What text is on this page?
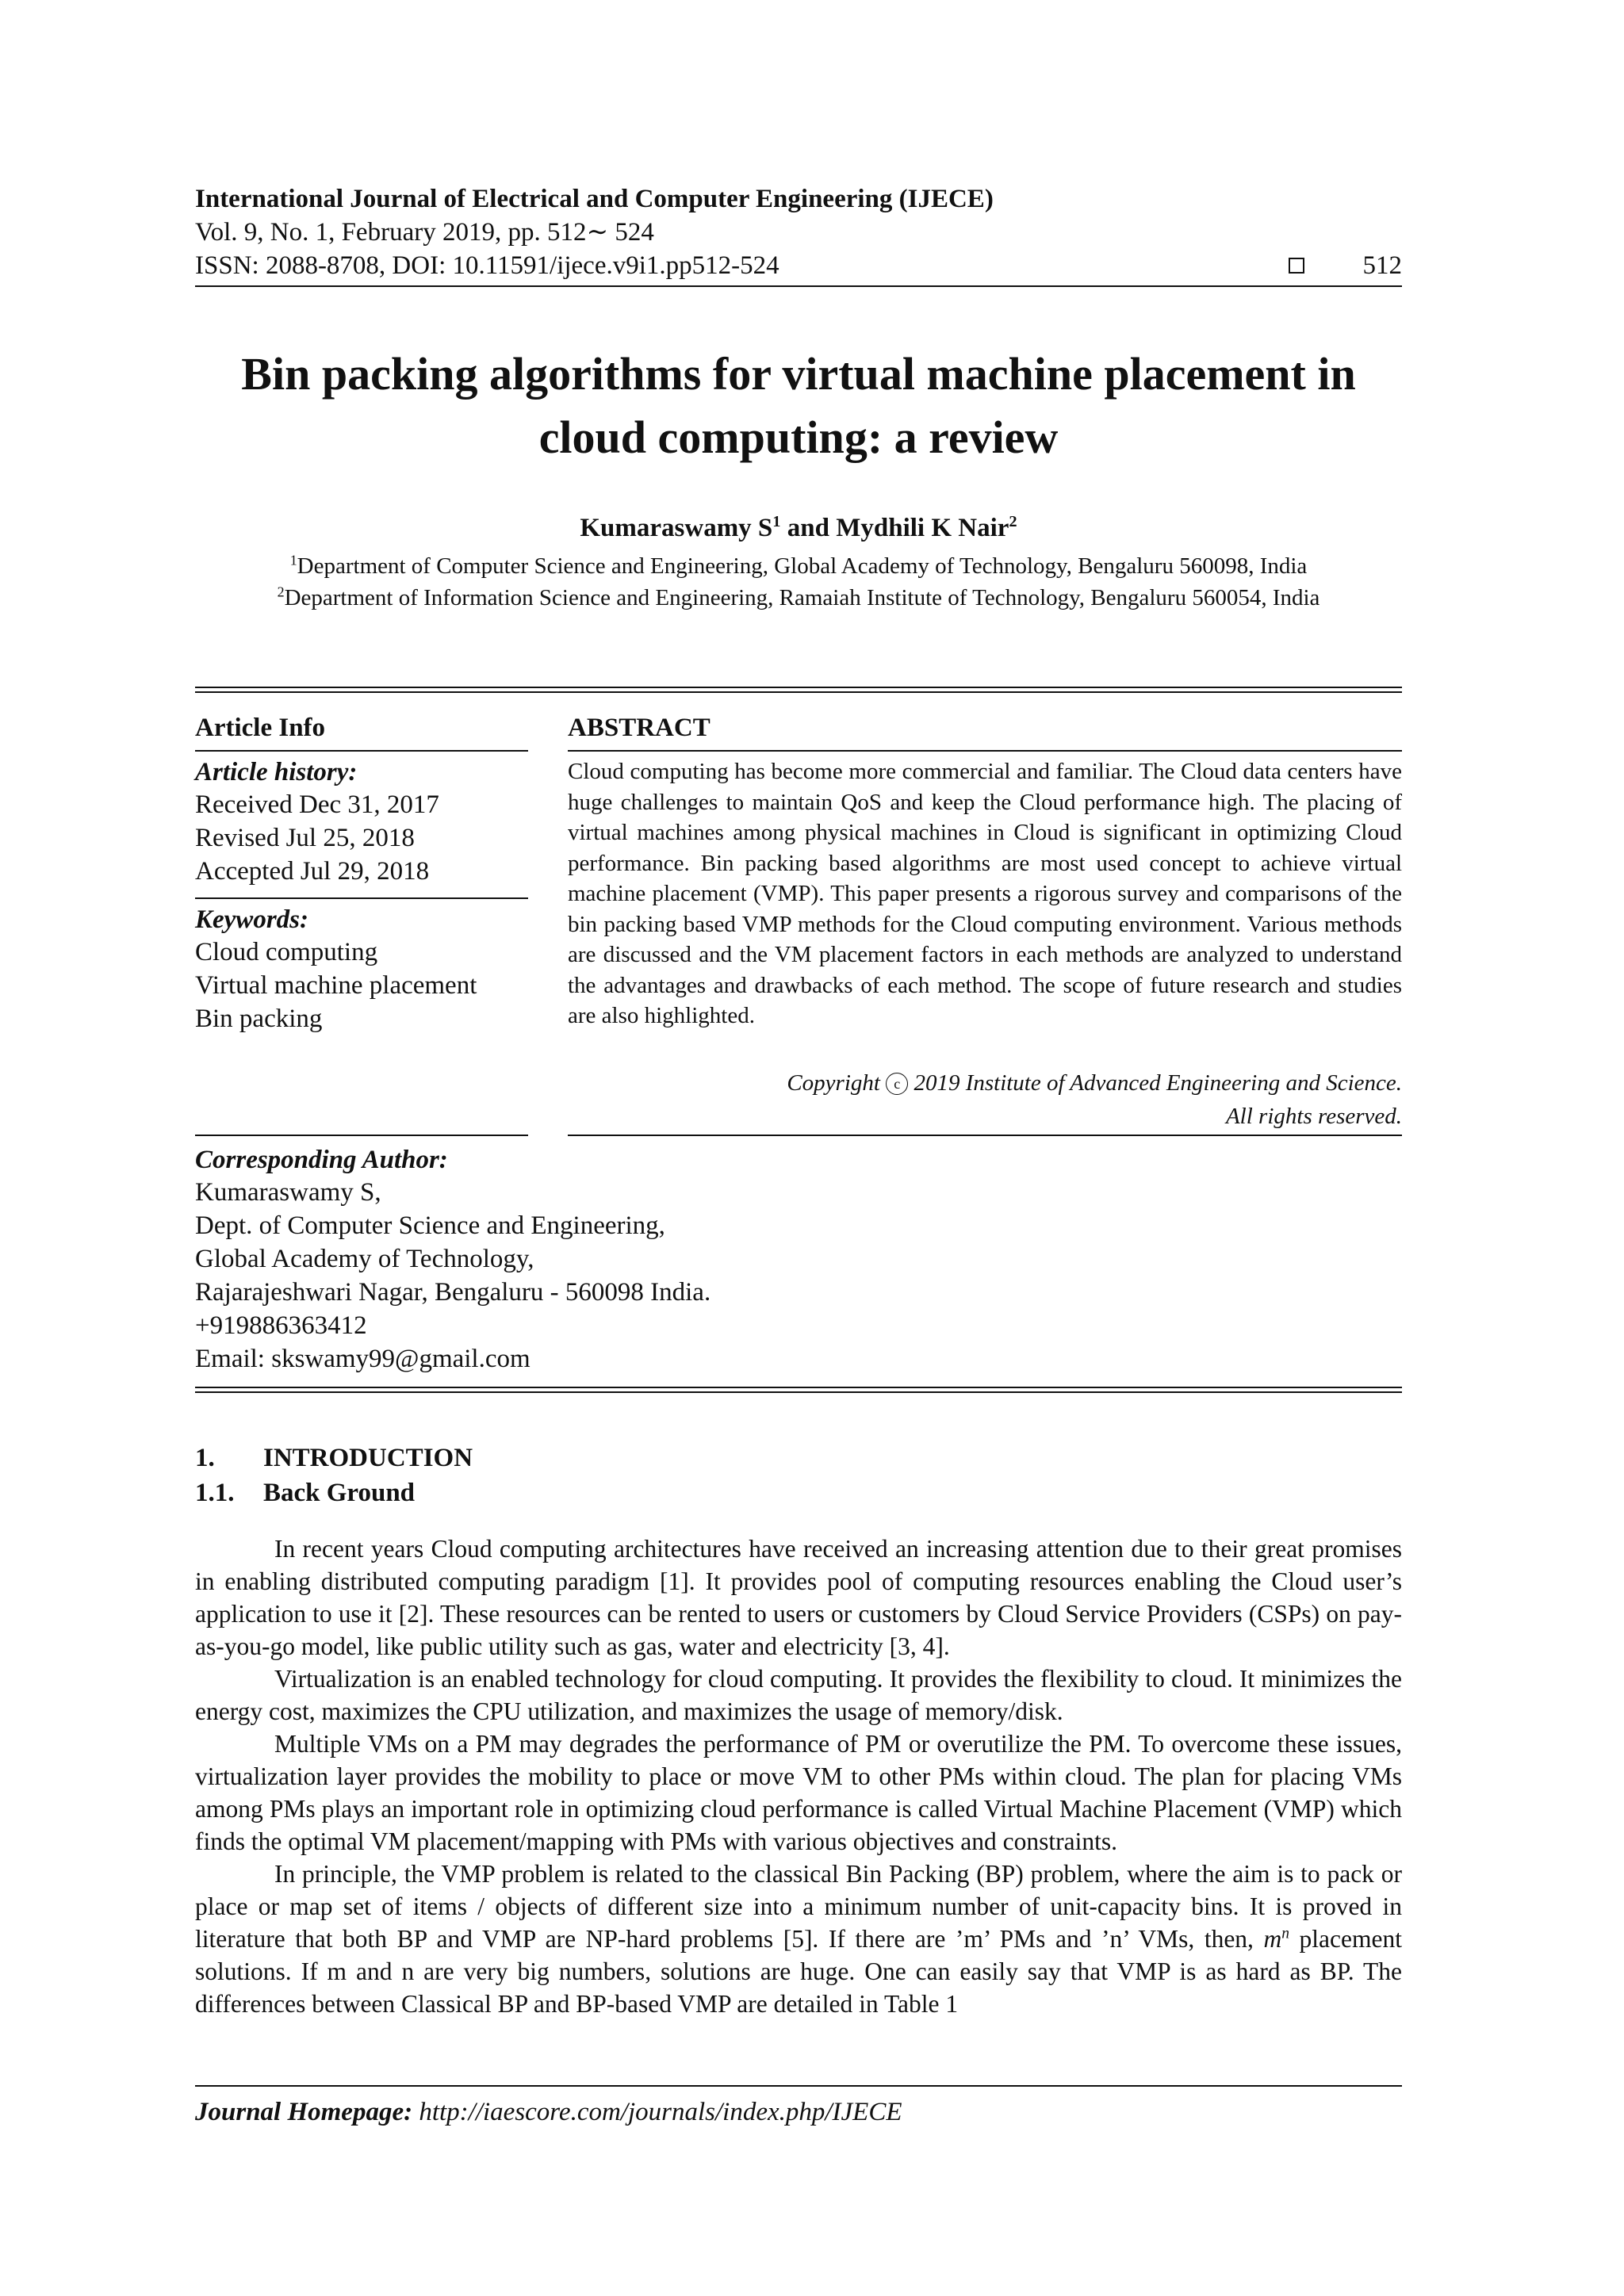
International Journal of Electrical and Computer Engineering (IJECE)
Vol. 9, No. 1, February 2019, pp. 512∼ 524
ISSN: 2088-8708, DOI: 10.11591/ijece.v9i1.pp512-524	512
Bin packing algorithms for virtual machine placement in cloud computing: a review
Kumaraswamy $S^1$ and Mydhili K Nair$^2$
$^1$Department of Computer Science and Engineering, Global Academy of Technology, Bengaluru 560098, India
$^2$Department of Information Science and Engineering, Ramaiah Institute of Technology, Bengaluru 560054, India
Article Info
Article history:
Received Dec 31, 2017
Revised Jul 25, 2018
Accepted Jul 29, 2018
Keywords:
Cloud computing
Virtual machine placement
Bin packing
ABSTRACT
Cloud computing has become more commercial and familiar. The Cloud data centers have huge challenges to maintain QoS and keep the Cloud performance high. The placing of virtual machines among physical machines in Cloud is significant in optimizing Cloud performance. Bin packing based algorithms are most used concept to achieve virtual machine placement (VMP). This paper presents a rigorous survey and comparisons of the bin packing based VMP methods for the Cloud computing environment. Various methods are discussed and the VM placement factors in each methods are analyzed to understand the advantages and drawbacks of each method. The scope of future research and studies are also highlighted.
Copyright c 2019 Institute of Advanced Engineering and Science.
All rights reserved.
Corresponding Author:
Kumaraswamy S,
Dept. of Computer Science and Engineering,
Global Academy of Technology,
Rajarajeshwari Nagar, Bengaluru - 560098 India.
+919886363412
Email: skswamy99@gmail.com
1.	INTRODUCTION
1.1.	Back Ground

In recent years Cloud computing architectures have received an increasing attention due to their great promises in enabling distributed computing paradigm [1]. It provides pool of computing resources enabling the Cloud user’s application to use it [2]. These resources can be rented to users or customers by Cloud Service Providers (CSPs) on pay-as-you-go model, like public utility such as gas, water and electricity [3, 4].

Virtualization is an enabled technology for cloud computing. It provides the flexibility to cloud. It minimizes the energy cost, maximizes the CPU utilization, and maximizes the usage of memory/disk.

Multiple VMs on a PM may degrades the performance of PM or overutilize the PM. To overcome these issues, virtualization layer provides the mobility to place or move VM to other PMs within cloud. The plan for placing VMs among PMs plays an important role in optimizing cloud performance is called Virtual Machine Placement (VMP) which finds the optimal VM placement/mapping with PMs with various objectives and constraints.

In principle, the VMP problem is related to the classical Bin Packing (BP) problem, where the aim is to pack or place or map set of items / objects of different size into a minimum number of unit-capacity bins. It is proved in literature that both BP and VMP are NP-hard problems [5]. If there are ’m’ PMs and ’n’ VMs, then, $m^n$ placement solutions. If m and n are very big numbers, solutions are huge. One can easily say that VMP is as hard as BP. The differences between Classical BP and BP-based VMP are detailed in Table 1

Journal Homepage: http://iaescore.com/journals/index.php/IJECE
